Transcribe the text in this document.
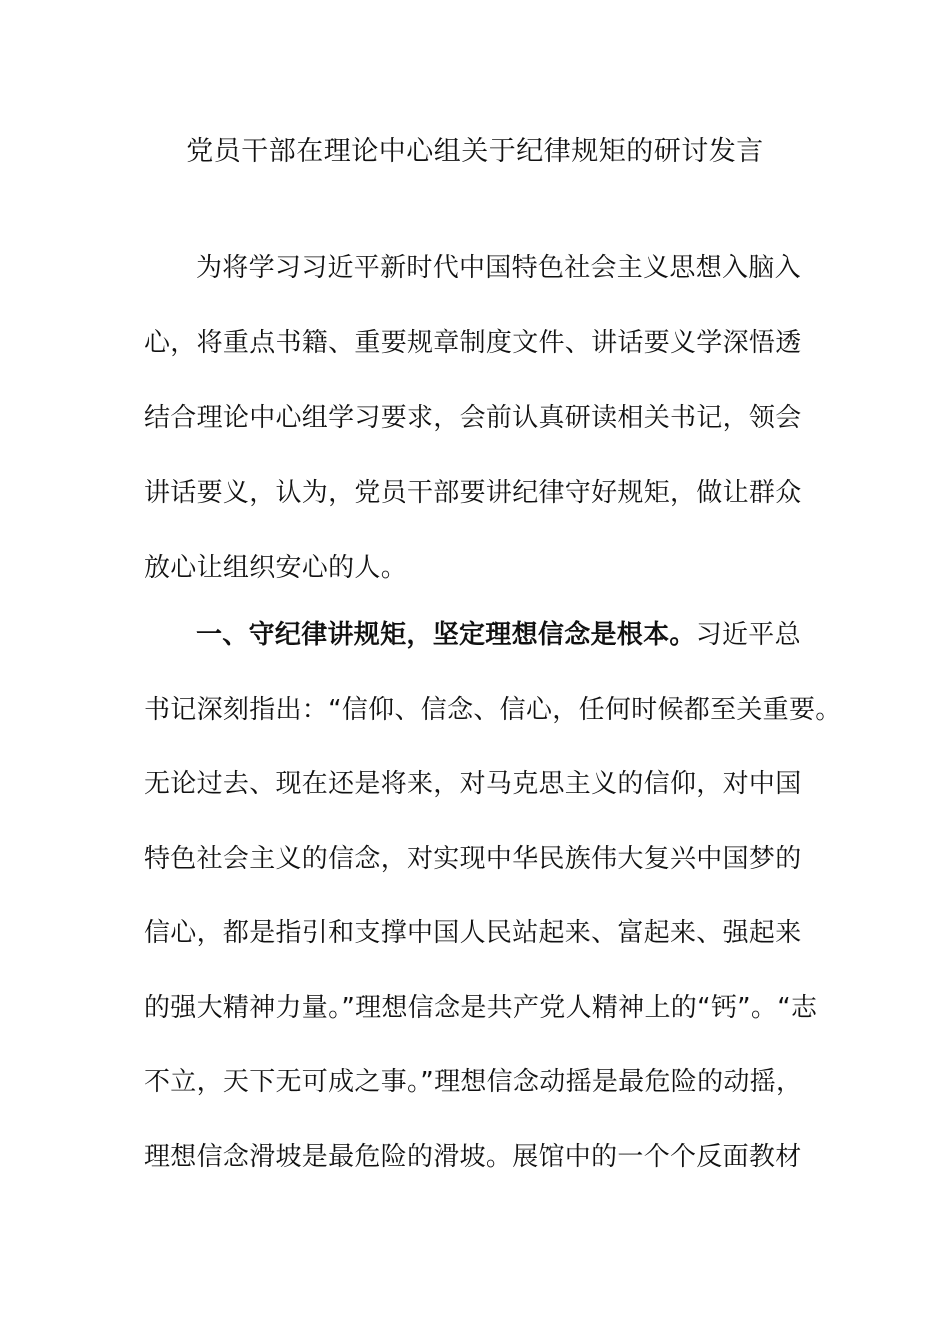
党员干部在理论中心组关于纪律规矩的研讨发言
为将学习习近平新时代中国特色社会主义思想入脑入
心，将重点书籍、重要规章制度文件、讲话要义学深悟透
结合理论中心组学习要求，会前认真研读相关书记，领会
讲话要义，认为，党员干部要讲纪律守好规矩，做让群众
放心让组织安心的人。
一、守纪律讲规矩，坚定理想信念是根本。习近平总
书记深刻指出：“信仰、信念、信心，任何时候都至关重要。
无论过去、现在还是将来，对马克思主义的信仰，对中国
特色社会主义的信念，对实现中华民族伟大复兴中国梦的
信心，都是指引和支撑中国人民站起来、富起来、强起来
的强大精神力量。”理想信念是共产党人精神上的“钙”。“志
不立，天下无可成之事。”理想信念动摇是最危险的动摇，
理想信念滑坡是最危险的滑坡。展馆中的一个个反面教材
